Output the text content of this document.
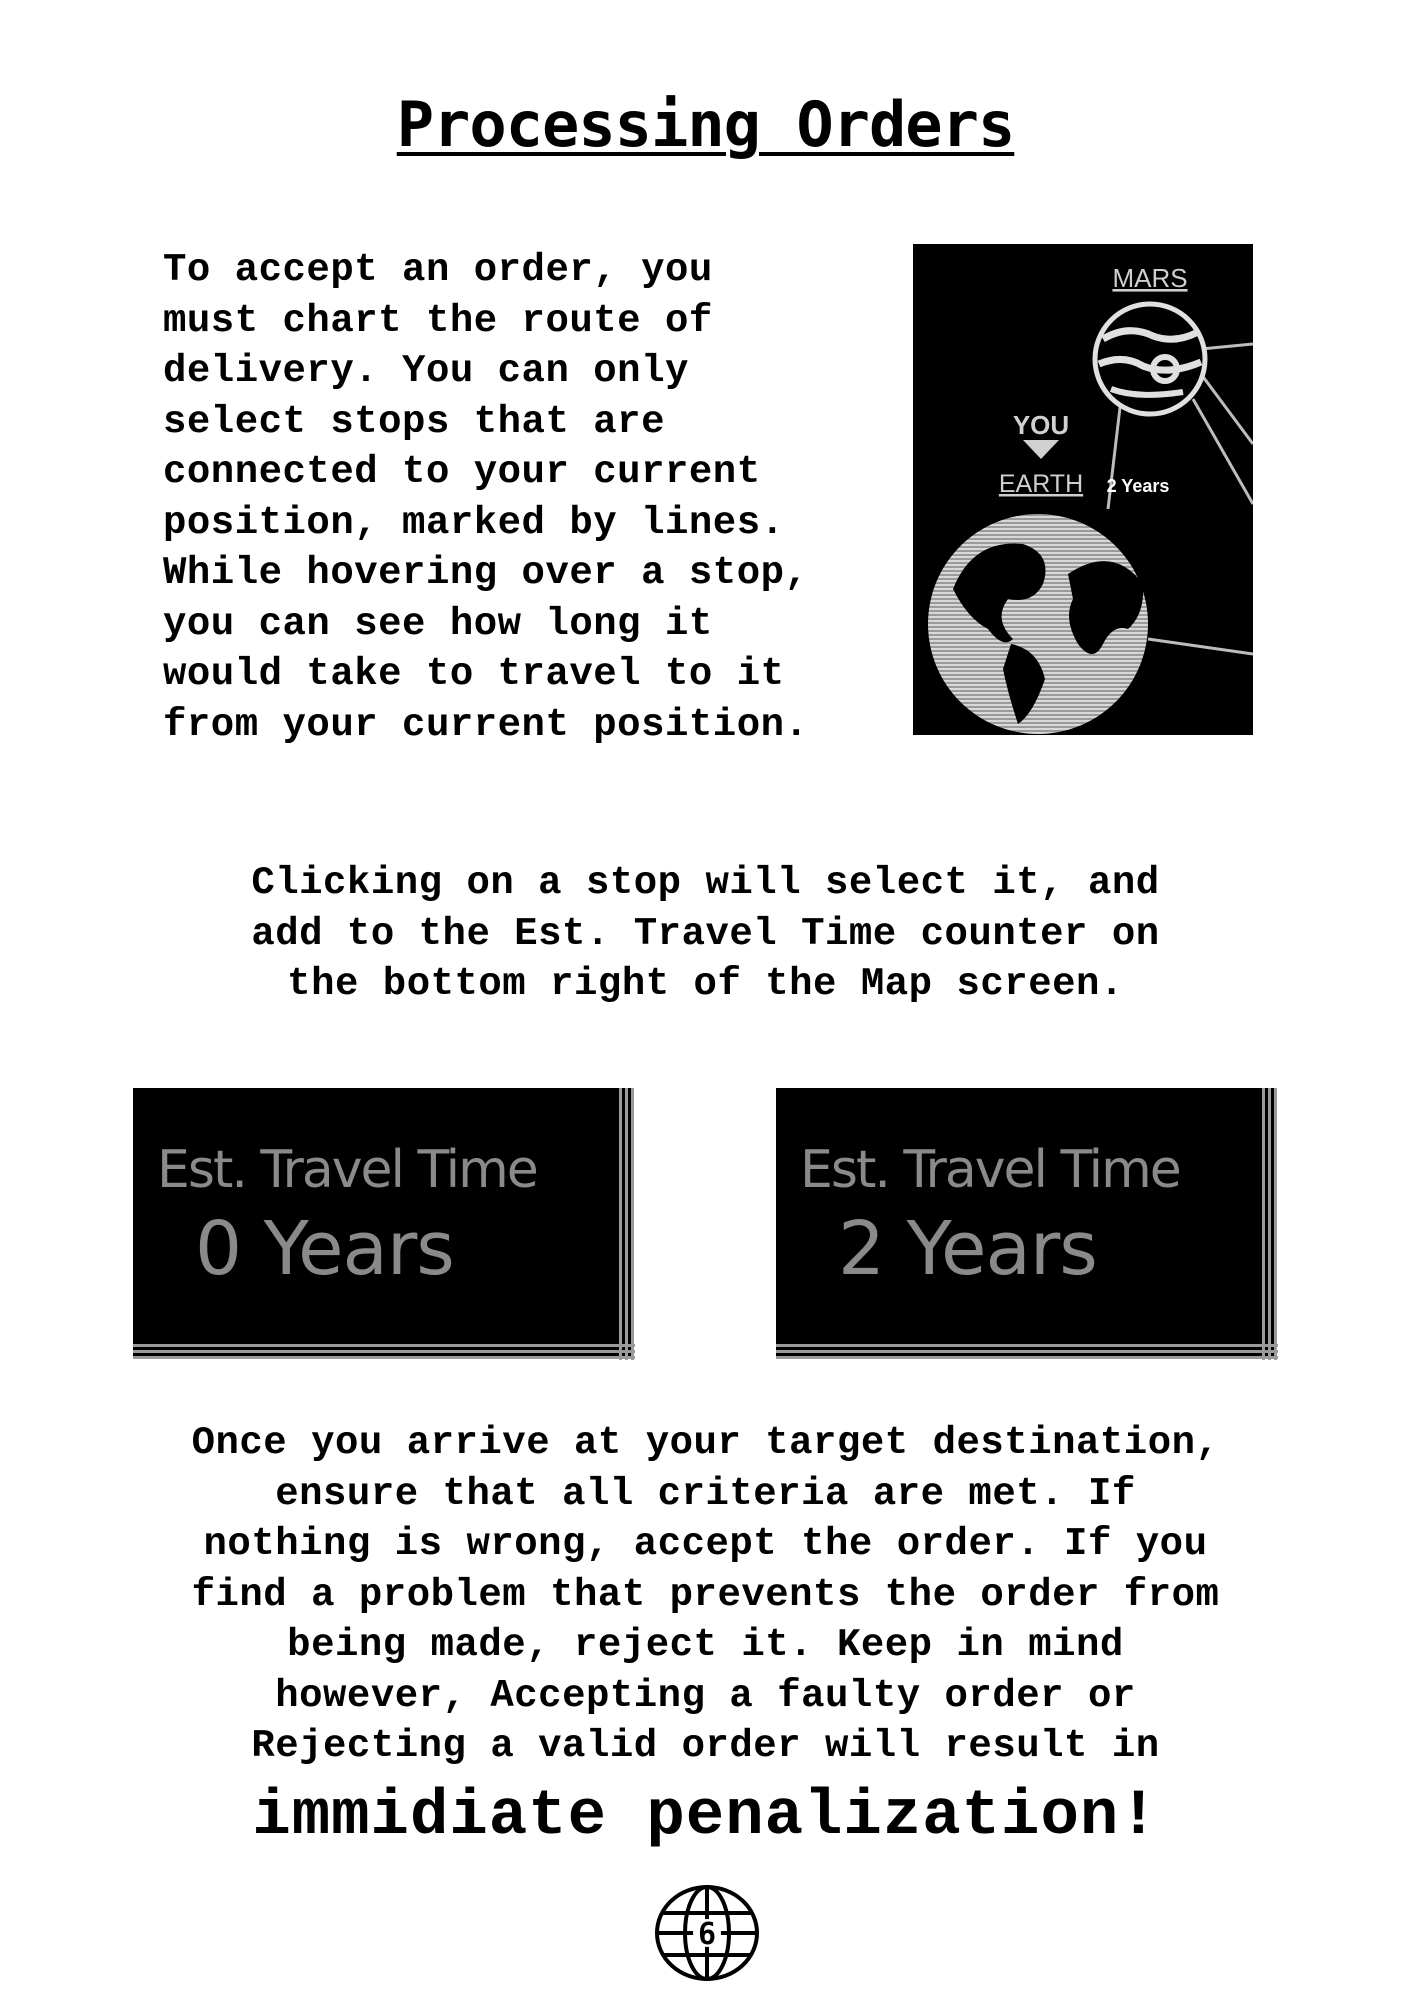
Processing Orders
To accept an order, you
must chart the route of
delivery. You can only
select stops that are
connected to your current
position, marked by lines.
While hovering over a stop,
you can see how long it
would take to travel to it
from your current position.
MARS
YOU
EARTH 2 Years
Clicking on a stop will select it, and
add to the Est. Travel Time counter on
the bottom right of the Map screen.
Est. Travel Time
0 Years
Est. Travel Time
2 Years
Once you arrive at your target destination,
ensure that all criteria are met. If
nothing is wrong, accept the order. If you
find a problem that prevents the order from
being made, reject it. Keep in mind
however, Accepting a faulty order or
Rejecting a valid order will result in
immidiate penalization!
6
